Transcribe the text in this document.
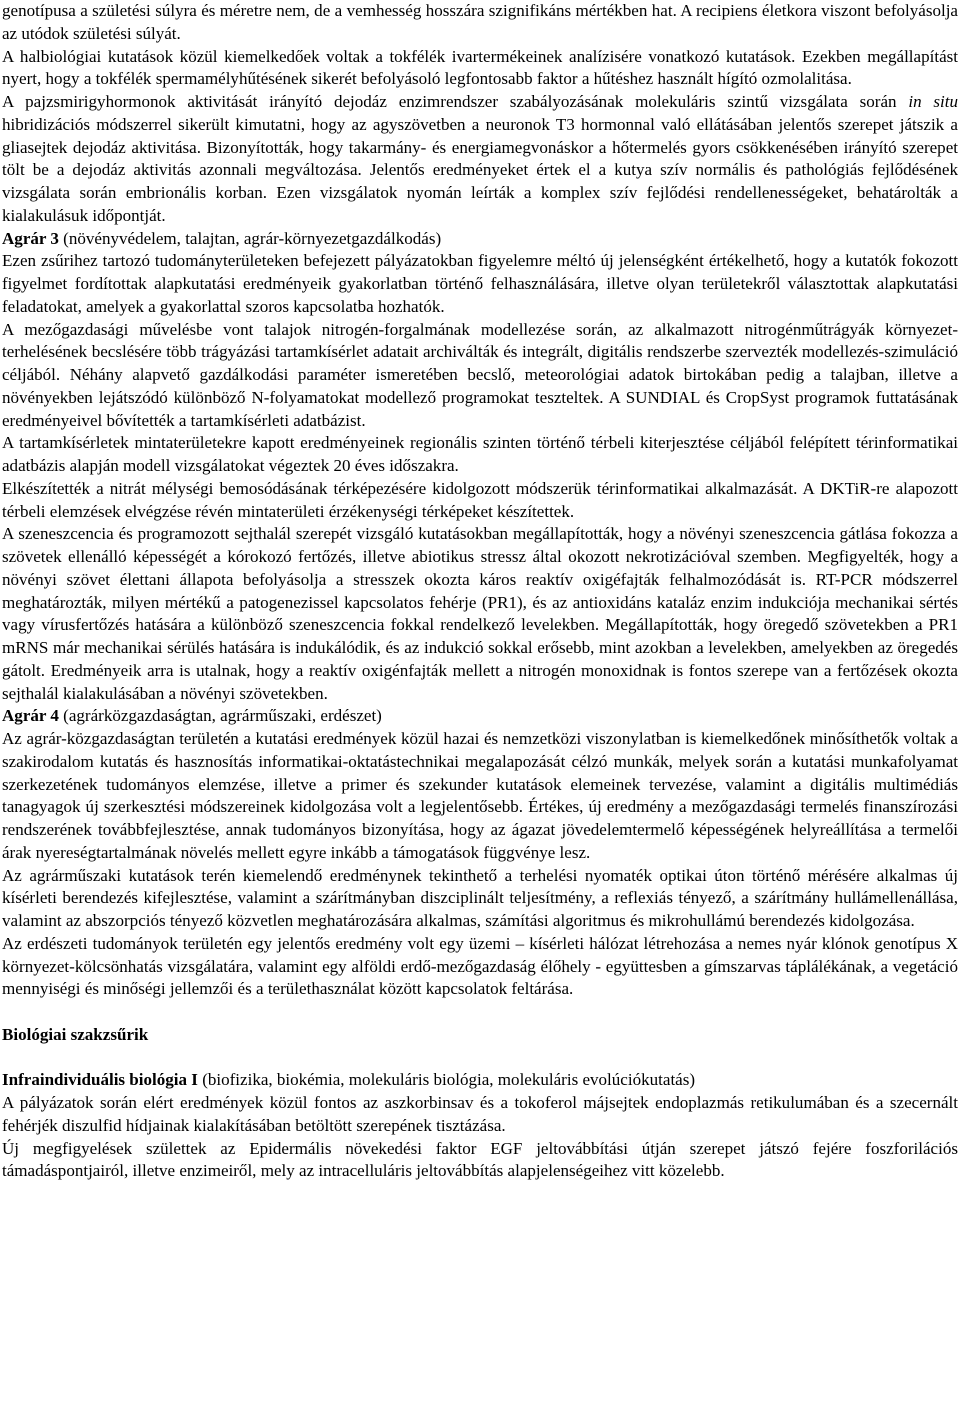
genotípusa a születési súlyra és méretre nem, de a vemhesség hosszára szignifikáns mértékben hat. A recipiens életkora viszont befolyásolja az utódok születési súlyát.

A halbiológiai kutatások közül kiemelkedőek voltak a tokfélék ivartermékeinek analízisére vonatkozó kutatások. Ezekben megállapítást nyert, hogy a tokfélék spermamélyhűtésének sikerét befolyásoló legfontosabb faktor a hűtéshez használt hígító ozmolalitása.

A pajzsmirigyhormonok aktivitását irányító dejodáz enzimrendszer szabályozásának molekuláris szintű vizsgálata során in situ hibridizációs módszerrel sikerült kimutatni, hogy az agyszövetben a neuronok T3 hormonnal való ellátásában jelentős szerepet játszik a gliasejtek dejodáz aktivitása. Bizonyították, hogy takarmány- és energiamegvonáskor a hőtermelés gyors csökkenésében irányító szerepet tölt be a dejodáz aktivitás azonnali megváltozása. Jelentős eredményeket értek el a kutya szív normális és pathológiás fejlődésének vizsgálata során embrionális korban. Ezen vizsgálatok nyomán leírták a komplex szív fejlődési rendellenességeket, behatárolták a kialakulásuk időpontját.

Agrár 3 (növényvédelem, talajtan, agrár-környezetgazdálkodás)

Ezen zsűrihez tartozó tudományterületeken befejezett pályázatokban figyelemre méltó új jelenségként értékelhető, hogy a kutatók fokozott figyelmet fordítottak alapkutatási eredményeik gyakorlatban történő felhasználására, illetve olyan területekről választottak alapkutatási feladatokat, amelyek a gyakorlattal szoros kapcsolatba hozhatók.

A mezőgazdasági művelésbe vont talajok nitrogén-forgalmának modellezése során, az alkalmazott nitrogénműtrágyák környezet-terhelésének becslésére több trágyázási tartamkísérlet adatait archiválták és integrált, digitális rendszerbe szervezték modellezés-szimuláció céljából. Néhány alapvető gazdálkodási paraméter ismeretében becslő, meteorológiai adatok birtokában pedig a talajban, illetve a növényekben lejátszódó különböző N-folyamatokat modellező programokat teszteltek. A SUNDIAL és CropSyst programok futtatásának eredményeivel bővítették a tartamkísérleti adatbázist.

A tartamkísérletek mintaterületekre kapott eredményeinek regionális szinten történő térbeli kiterjesztése céljából felépített térinformatikai adatbázis alapján modell vizsgálatokat végeztek 20 éves időszakra.

Elkészítették a nitrát mélységi bemosódásának térképezésére kidolgozott módszerük térinformatikai alkalmazását. A DKTiR-re alapozott térbeli elemzések elvégzése révén mintaterületi érzékenységi térképeket készítettek.

A szeneszcencia és programozott sejthalál szerepét vizsgáló kutatásokban megállapították, hogy a növényi szeneszcencia gátlása fokozza a szövetek ellenálló képességét a kórokozó fertőzés, illetve abiotikus stressz által okozott nekrotizációval szemben. Megfigyelték, hogy a növényi szövet élettani állapota befolyásolja a stresszek okozta káros reaktív oxigéfajták felhalmozódását is. RT-PCR módszerrel meghatározták, milyen mértékű a patogenezissel kapcsolatos fehérje (PR1), és az antioxidáns kataláz enzim indukciója mechanikai sértés vagy vírusfertőzés hatására a különböző szeneszcencia fokkal rendelkező levelekben. Megállapították, hogy öregedő szövetekben a PR1 mRNS már mechanikai sérülés hatására is indukálódik, és az indukció sokkal erősebb, mint azokban a levelekben, amelyekben az öregedés gátolt. Eredményeik arra is utalnak, hogy a reaktív oxigénfajták mellett a nitrogén monoxidnak is fontos szerepe van a fertőzések okozta sejthalál kialakulásában a növényi szövetekben.

Agrár 4 (agrárközgazdaságtan, agrárműszaki, erdészet)

Az agrár-közgazdaságtan területén a kutatási eredmények közül hazai és nemzetközi viszonylatban is kiemelkedőnek minősíthetők voltak a szakirodalom kutatás és hasznosítás informatikai-oktatástechnikai megalapozását célzó munkák, melyek során a kutatási munkafolyamat szerkezetének tudományos elemzése, illetve a primer és szekunder kutatások elemeinek tervezése, valamint a digitális multimédiás tanagyagok új szerkesztési módszereinek kidolgozása volt a legjelentősebb. Értékes, új eredmény a mezőgazdasági termelés finanszírozási rendszerének továbbfejlesztése, annak tudományos bizonyítása, hogy az ágazat jövedelemtermelő képességének helyreállítása a termelői árak nyereségtartalmának növelés mellett egyre inkább a támogatások függvénye lesz.

Az agrárműszaki kutatások terén kiemelendő eredménynek tekinthető a terhelési nyomaték optikai úton történő mérésére alkalmas új kísérleti berendezés kifejlesztése, valamint a szárítmányban diszciplinált teljesítmény, a reflexiás tényező, a szárítmány hullámellenállása, valamint az abszorpciós tényező közvetlen meghatározására alkalmas, számítási algoritmus és mikrohullámú berendezés kidolgozása.

Az erdészeti tudományok területén egy jelentős eredmény volt egy üzemi – kísérleti hálózat létrehozása a nemes nyár klónok genotípus X környezet-kölcsönhatás vizsgálatára, valamint egy alföldi erdő-mezőgazdaság élőhely - együttesben a gímszarvas táplálékának, a vegetáció mennyiségi és minőségi jellemzői és a területhasználat között kapcsolatok feltárása.

Biológiai szakzsűrik

Infraindividuális biológia I (biofizika, biokémia, molekuláris biológia, molekuláris evolúciókutatás)

A pályázatok során elért eredmények közül fontos az aszkorbinsav és a tokoferol májsejtek endoplazmás retikulumában és a szecernált fehérjék diszulfid hídjainak kialakításában betöltött szerepének tisztázása.

Új megfigyelések születtek az Epidermális növekedési faktor EGF jeltovábbítási útján szerepet játszó fejére foszforilációs támadáspontjairól, illetve enzimeiről, mely az intracelluláris jeltovábbítás alapjelenségeihez vitt közelebb.
